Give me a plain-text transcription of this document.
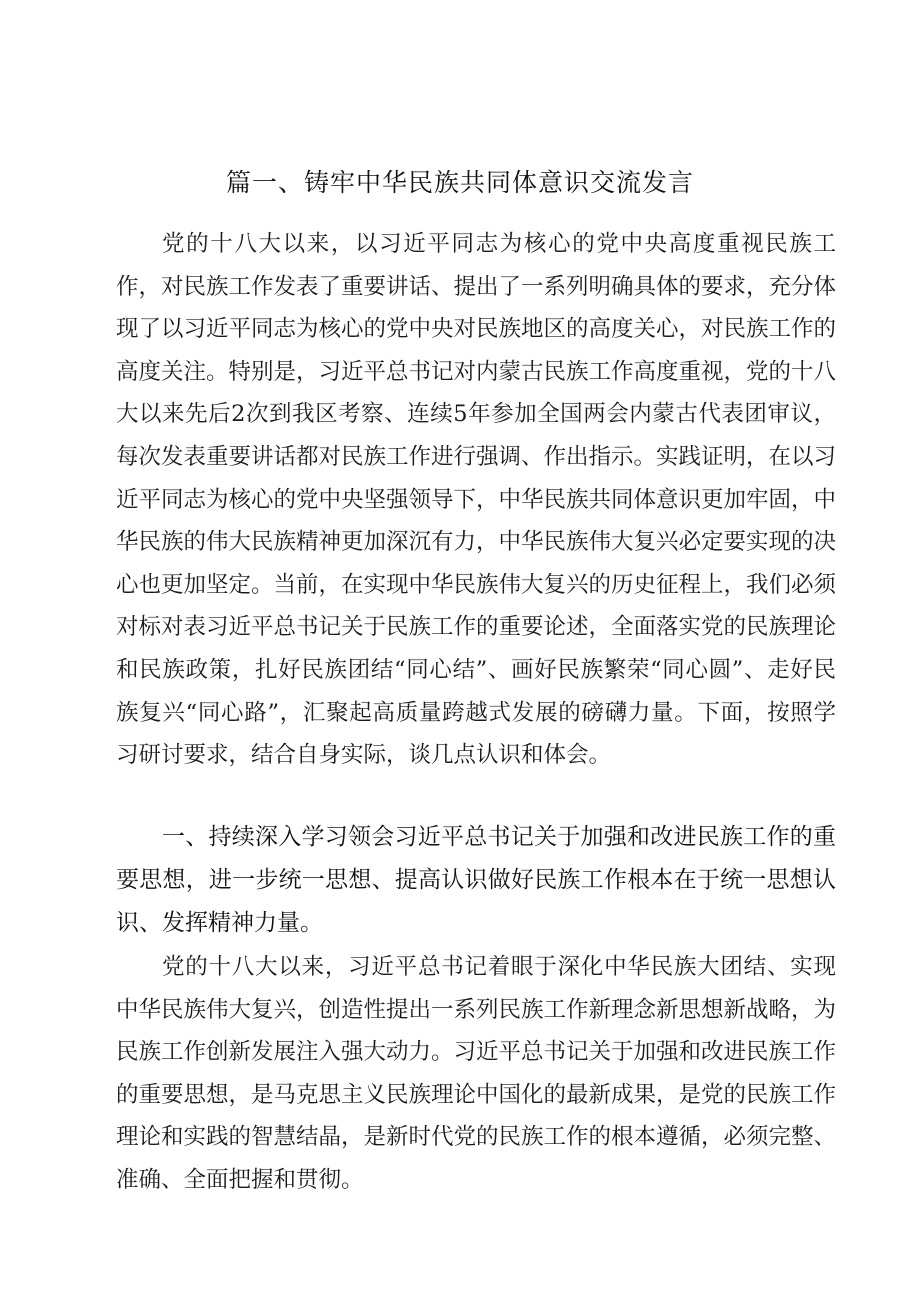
篇一、铸牢中华民族共同体意识交流发言

党的十八大以来，以习近平同志为核心的党中央高度重视民族工作，对民族工作发表了重要讲话、提出了一系列明确具体的要求，充分体现了以习近平同志为核心的党中央对民族地区的高度关心，对民族工作的高度关注。特别是，习近平总书记对内蒙古民族工作高度重视，党的十八大以来先后2次到我区考察、连续5年参加全国两会内蒙古代表团审议，每次发表重要讲话都对民族工作进行强调、作出指示。实践证明，在以习近平同志为核心的党中央坚强领导下，中华民族共同体意识更加牢固，中华民族的伟大民族精神更加深沉有力，中华民族伟大复兴必定要实现的决心也更加坚定。当前，在实现中华民族伟大复兴的历史征程上，我们必须对标对表习近平总书记关于民族工作的重要论述，全面落实党的民族理论和民族政策，扎好民族团结“同心结”、画好民族繁荣“同心圆”、走好民族复兴“同心路”，汇聚起高质量跨越式发展的磅礴力量。下面，按照学习研讨要求，结合自身实际，谈几点认识和体会。

一、持续深入学习领会习近平总书记关于加强和改进民族工作的重要思想，进一步统一思想、提高认识做好民族工作根本在于统一思想认识、发挥精神力量。

党的十八大以来，习近平总书记着眼于深化中华民族大团结、实现中华民族伟大复兴，创造性提出一系列民族工作新理念新思想新战略，为民族工作创新发展注入强大动力。习近平总书记关于加强和改进民族工作的重要思想，是马克思主义民族理论中国化的最新成果，是党的民族工作理论和实践的智慧结晶，是新时代党的民族工作的根本遵循，必须完整、准确、全面把握和贯彻。
